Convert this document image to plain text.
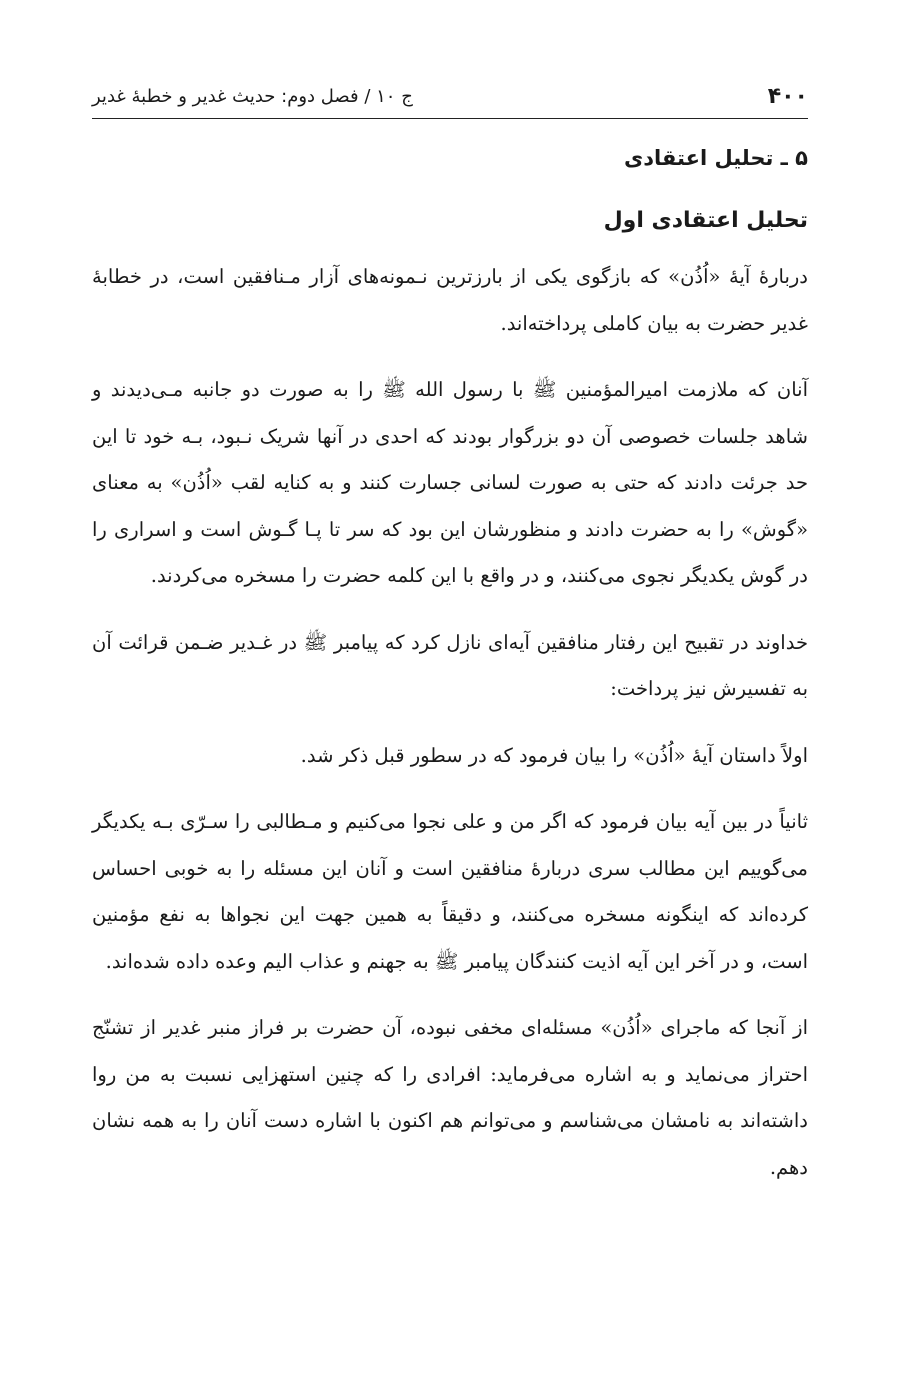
۴۰۰
ج ۱۰ / فصل دوم: حدیث غدیر و خطبهٔ غدیر
۵ ـ تحلیل اعتقادی
تحلیل اعتقادی اول

دربارهٔ آیهٔ «اُذُن» که بازگوی یکی از بارزترین نـمونه‌های آزار مـنافقین است، در خطابهٔ غدیر حضرت به بیان کاملی پرداخته‌اند.

آنان که ملازمت امیرالمؤمنین ﷺ با رسول الله ﷺ را به صورت دو جانبه مـی‌دیدند و شاهد جلسات خصوصی آن دو بزرگوار بودند که احدی در آنها شریک نـبود، بـه خود تا این حد جرئت دادند که حتی به صورت لسانی جسارت کنند و به کنایه لقب «اُذُن» به معنای «گوش» را به حضرت دادند و منظورشان این بود که سر تا پـا گـوش است و اسراری را در گوش یکدیگر نجوی می‌کنند، و در واقع با این کلمه حضرت را مسخره می‌کردند.

خداوند در تقبیح این رفتار منافقین آیه‌ای نازل کرد که پیامبر ﷺ در غـدیر ضـمن قرائت آن به تفسیرش نیز پرداخت:

اولاً داستان آیهٔ «اُذُن» را بیان فرمود که در سطور قبل ذکر شد.

ثانیاً در بین آیه بیان فرمود که اگر من و علی نجوا می‌کنیم و مـطالبی را سـرّی بـه یکدیگر می‌گوییم این مطالب سری دربارهٔ منافقین است و آنان این مسئله را به خوبی احساس کرده‌اند که اینگونه مسخره می‌کنند، و دقیقاً به همین جهت این نجواها به نفع مؤمنین است، و در آخر این آیه اذیت کنندگان پیامبر ﷺ به جهنم و عذاب الیم وعده داده شده‌اند.

از آنجا که ماجرای «اُذُن» مسئله‌ای مخفی نبوده، آن حضرت بر فراز منبر غدیر از تشنّج احتراز می‌نماید و به اشاره می‌فرماید: افرادی را که چنین استهزایی نسبت به من روا داشته‌اند به نامشان می‌شناسم و می‌توانم هم اکنون با اشاره دست آنان را به همه نشان دهم.
